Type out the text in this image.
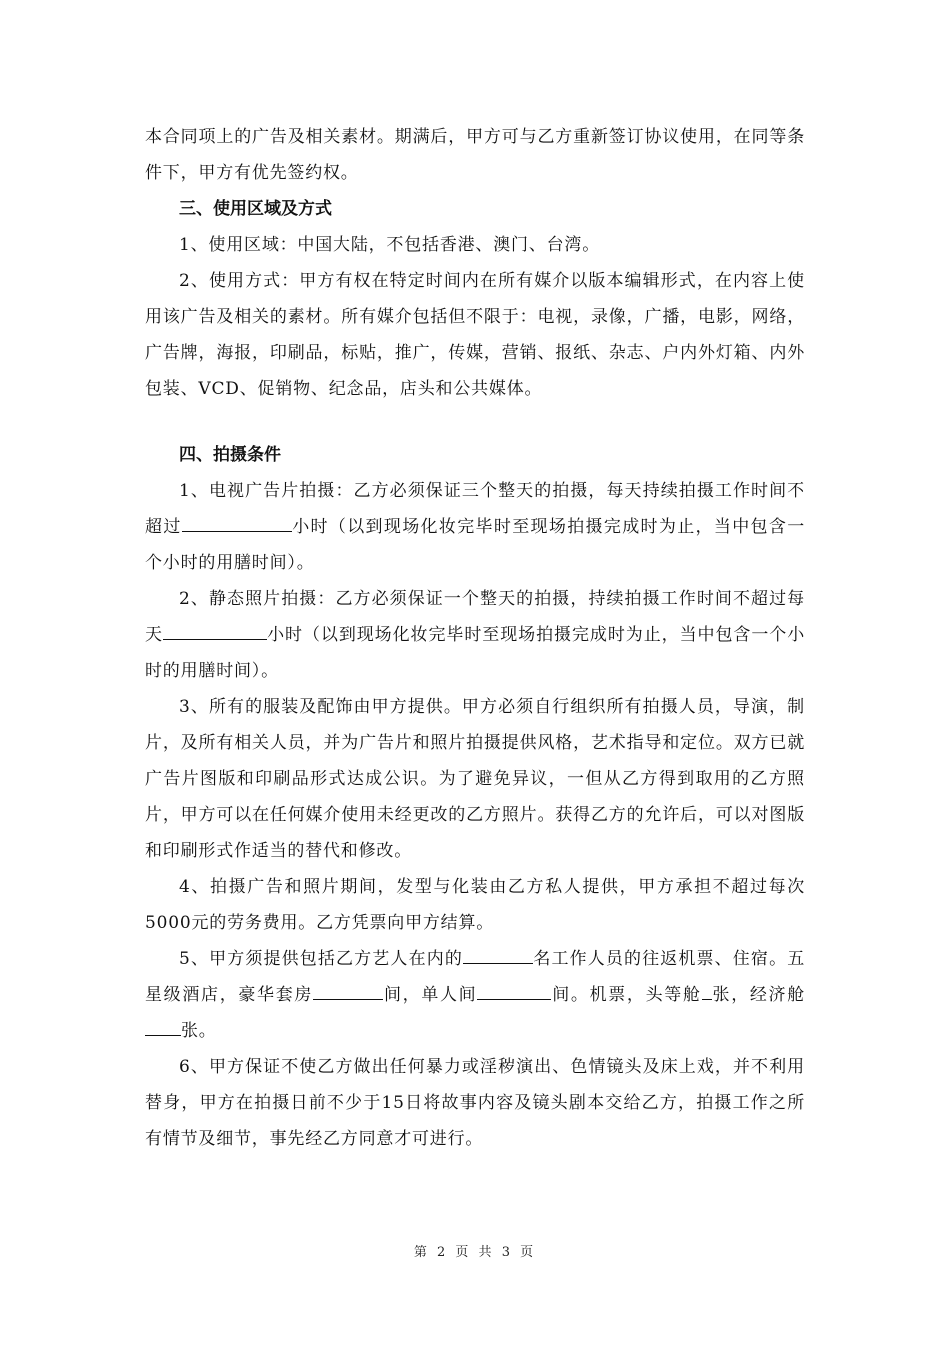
本合同项上的广告及相关素材。期满后，甲方可与乙方重新签订协议使用，在同等条件下，甲方有优先签约权。

三、使用区域及方式

1、使用区域：中国大陆，不包括香港、澳门、台湾。

2、使用方式：甲方有权在特定时间内在所有媒介以版本编辑形式，在内容上使用该广告及相关的素材。所有媒介包括但不限于：电视，录像，广播，电影，网络，广告牌，海报，印刷品，标贴，推广，传媒，营销、报纸、杂志、户内外灯箱、内外包装、VCD、促销物、纪念品，店头和公共媒体。

四、拍摄条件

1、电视广告片拍摄：乙方必须保证三个整天的拍摄，每天持续拍摄工作时间不超过	小时（以到现场化妆完毕时至现场拍摄完成时为止，当中包含一个小时的用膳时间）。

2、静态照片拍摄：乙方必须保证一个整天的拍摄，持续拍摄工作时间不超过每天	小时（以到现场化妆完毕时至现场拍摄完成时为止，当中包含一个小时的用膳时间）。

3、所有的服装及配饰由甲方提供。甲方必须自行组织所有拍摄人员，导演，制片，及所有相关人员，并为广告片和照片拍摄提供风格，艺术指导和定位。双方已就广告片图版和印刷品形式达成公识。为了避免异议，一但从乙方得到取用的乙方照片，甲方可以在任何媒介使用未经更改的乙方照片。获得乙方的允许后，可以对图版和印刷形式作适当的替代和修改。

4、拍摄广告和照片期间，发型与化装由乙方私人提供，甲方承担不超过每次5000元的劳务费用。乙方凭票向甲方结算。

5、甲方须提供包括乙方艺人在内的	名工作人员的往返机票、住宿。五星级酒店，豪华套房	间，单人间	间。机票，头等舱 张，经济舱张。

6、甲方保证不使乙方做出任何暴力或淫秽演出、色情镜头及床上戏，并不利用替身，甲方在拍摄日前不少于15日将故事内容及镜头剧本交给乙方，拍摄工作之所有情节及细节，事先经乙方同意才可进行。

第 2 页 共 3 页
